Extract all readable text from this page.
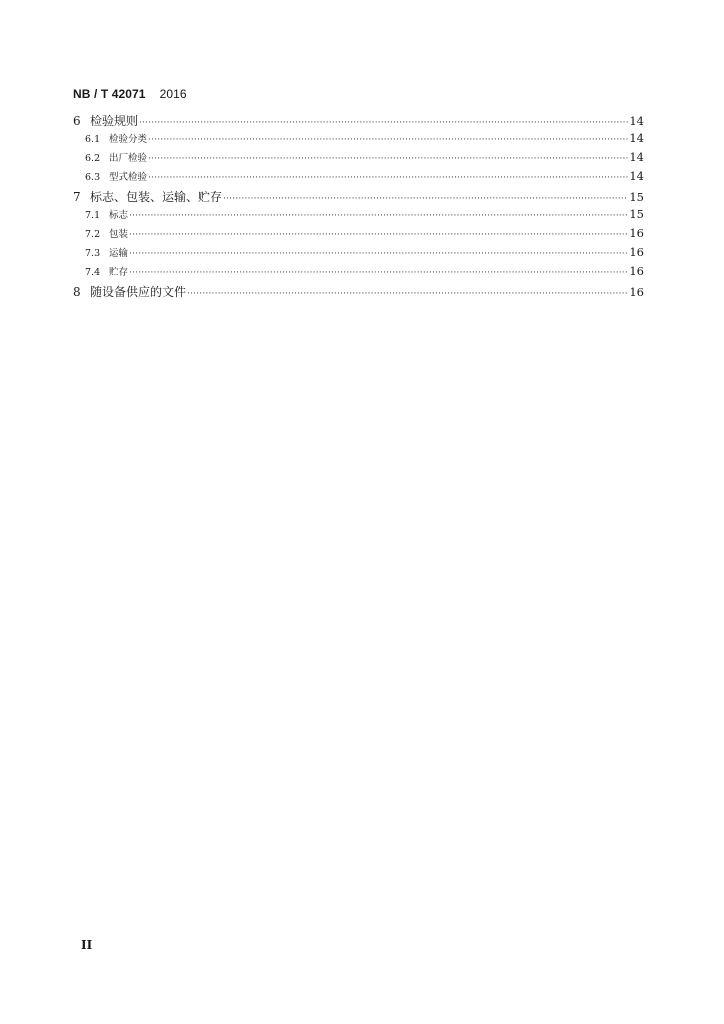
NB / T 42071 2016
6 检验规则 ·····	14
6.1 检验分类 ·····	14
6.2 出厂检验 ·····	14
6.3 型式检验 ·····	14
7 标志、包装、运输、贮存 ·····	15
7.1 标志 ·····	15
7.2 包装 ·····	16
7.3 运输 ·····	16
7.4 贮存 ·····	16
8 随设备供应的文件 ·····	16
II
